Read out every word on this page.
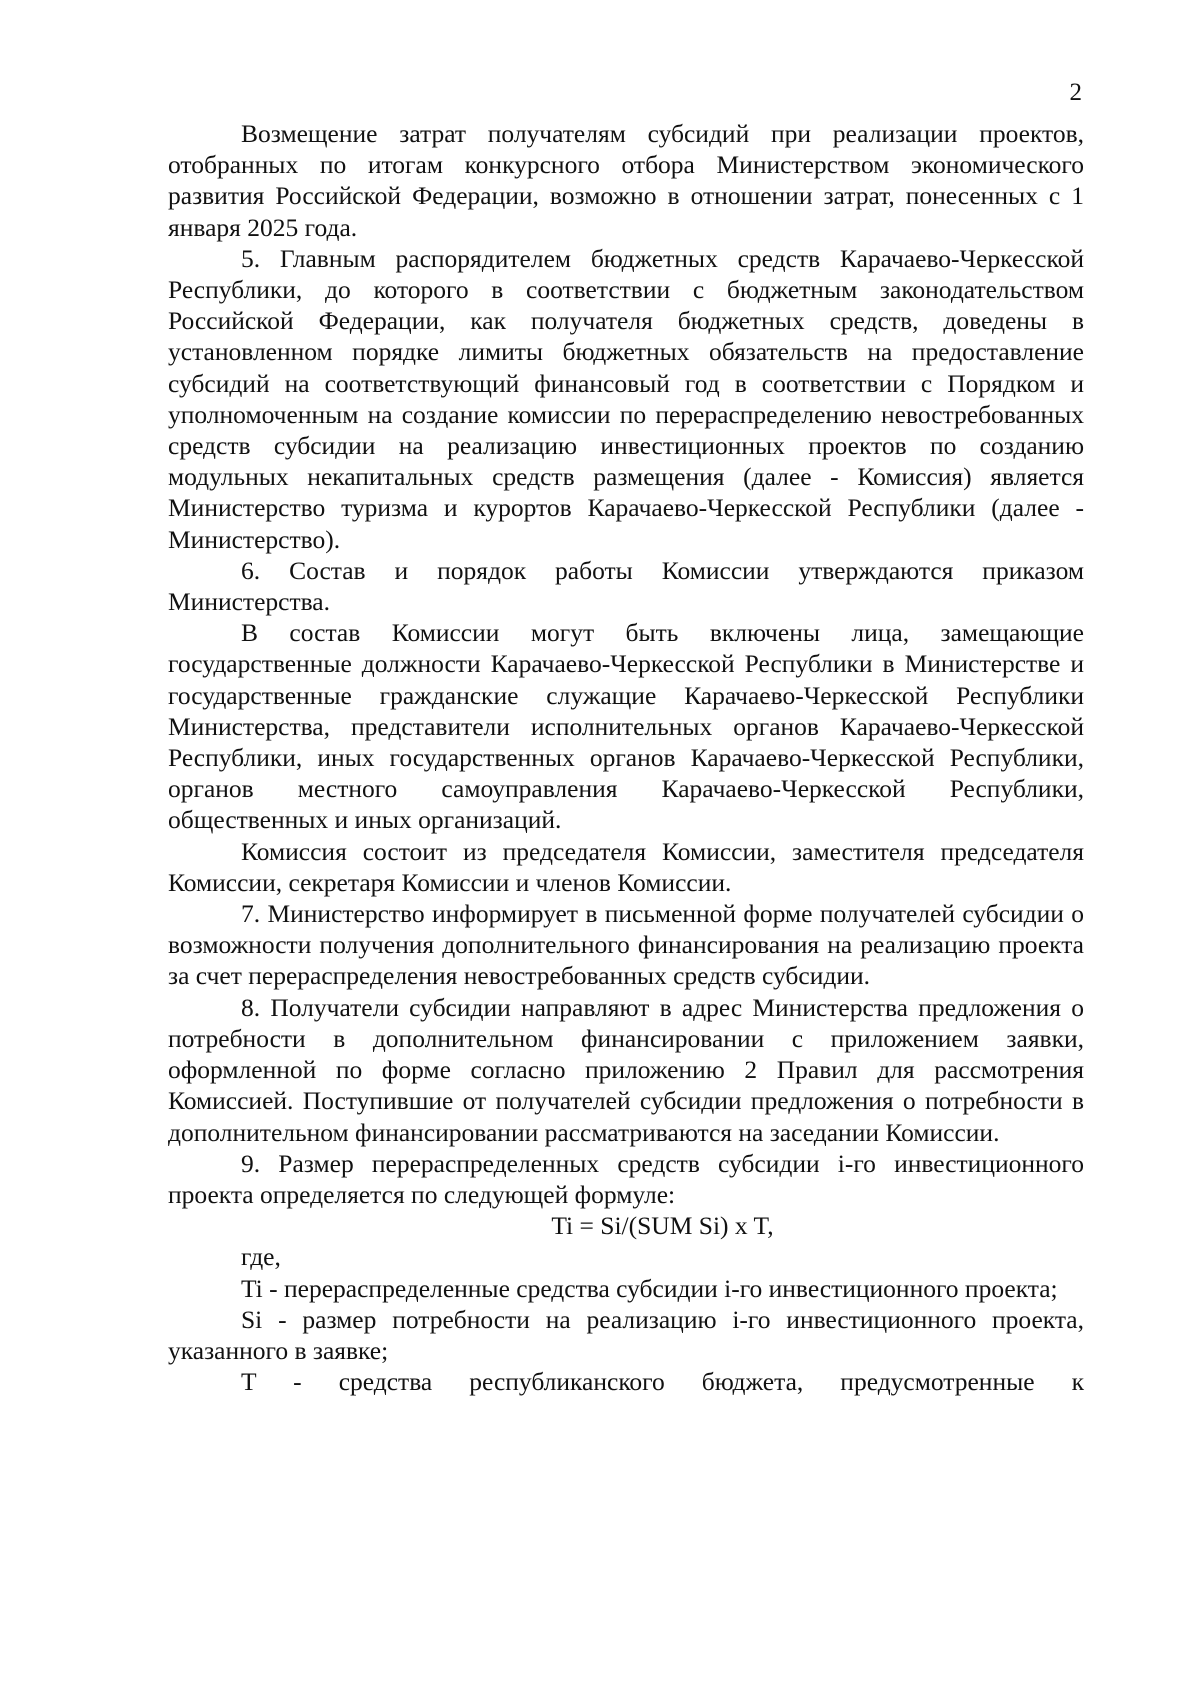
2

Возмещение затрат получателям субсидий при реализации проектов, отобранных по итогам конкурсного отбора Министерством экономического развития Российской Федерации, возможно в отношении затрат, понесенных с 1 января 2025 года.

5. Главным распорядителем бюджетных средств Карачаево-Черкесской Республики, до которого в соответствии с бюджетным законодательством Российской Федерации, как получателя бюджетных средств, доведены в установленном порядке лимиты бюджетных обязательств на предоставление субсидий на соответствующий финансовый год в соответствии с Порядком и уполномоченным на создание комиссии по перераспределению невостребованных средств субсидии на реализацию инвестиционных проектов по созданию модульных некапитальных средств размещения (далее - Комиссия) является Министерство туризма и курортов Карачаево-Черкесской Республики (далее - Министерство).

6. Состав и порядок работы Комиссии утверждаются приказом Министерства.

В состав Комиссии могут быть включены лица, замещающие государственные должности Карачаево-Черкесской Республики в Министерстве и государственные гражданские служащие Карачаево-Черкесской Республики Министерства, представители исполнительных органов Карачаево-Черкесской Республики, иных государственных органов Карачаево-Черкесской Республики, органов местного самоуправления Карачаево-Черкесской Республики, общественных и иных организаций.

Комиссия состоит из председателя Комиссии, заместителя председателя Комиссии, секретаря Комиссии и членов Комиссии.

7. Министерство информирует в письменной форме получателей субсидии о возможности получения дополнительного финансирования на реализацию проекта за счет перераспределения невостребованных средств субсидии.

8. Получатели субсидии направляют в адрес Министерства предложения о потребности в дополнительном финансировании с приложением заявки, оформленной по форме согласно приложению 2 Правил для рассмотрения Комиссией. Поступившие от получателей субсидии предложения о потребности в дополнительном финансировании рассматриваются на заседании Комиссии.

9. Размер перераспределенных средств субсидии i-го инвестиционного проекта определяется по следующей формуле:

Ti = Si/(SUM Si) x T,

где,

Ti - перераспределенные средства субсидии i-го инвестиционного проекта;

Si - размер потребности на реализацию i-го инвестиционного проекта, указанного в заявке;

T - средства республиканского бюджета, предусмотренные к
